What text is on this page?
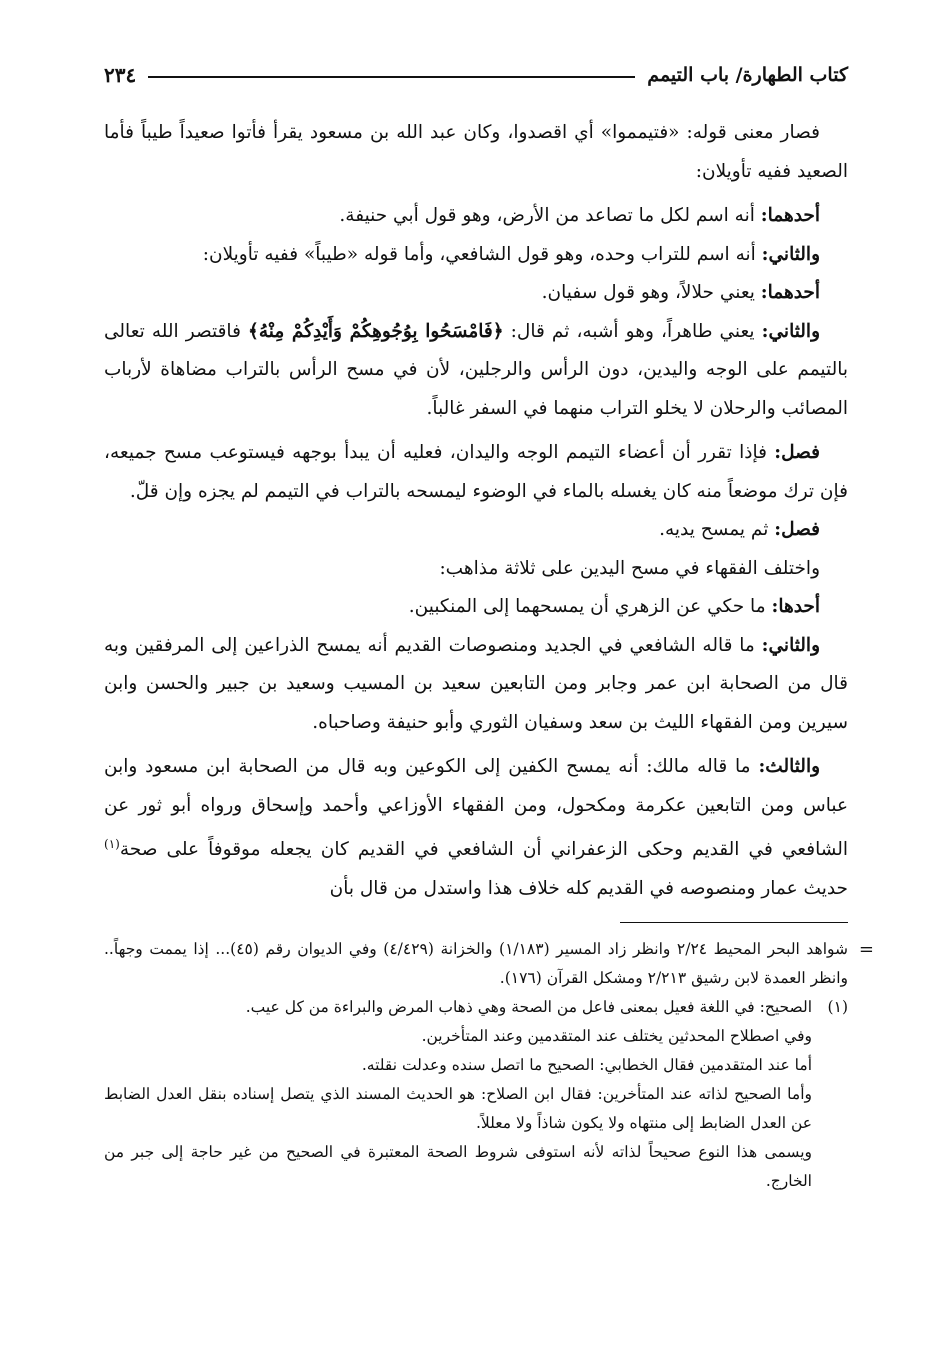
كتاب الطهارة/ باب التيمم
٢٣٤

فصار معنى قوله: «فتيمموا» أي اقصدوا، وكان عبد الله بن مسعود يقرأ فأتوا صعيداً طيباً فأما الصعيد ففيه تأويلان:

أحدهما: أنه اسم لكل ما تصاعد من الأرض، وهو قول أبي حنيفة.

والثاني: أنه اسم للتراب وحده، وهو قول الشافعي، وأما قوله «طيباً» ففيه تأويلان:

أحدهما: يعني حلالاً، وهو قول سفيان.

والثاني: يعني طاهراً، وهو أشبه، ثم قال: ﴿فَامْسَحُوا بِوُجُوهِكُمْ وَأَيْدِكُمْ مِنْهُ﴾ فاقتصر الله تعالى بالتيمم على الوجه واليدين، دون الرأس والرجلين، لأن في مسح الرأس بالتراب مضاهاة لأرباب المصائب والرحلان لا يخلو التراب منهما في السفر غالباً.

فصل: فإذا تقرر أن أعضاء التيمم الوجه واليدان، فعليه أن يبدأ بوجهه فيستوعب مسح جميعه، فإن ترك موضعاً منه كان يغسله بالماء في الوضوء ليمسحه بالتراب في التيمم لم يجزه وإن قلّ.

فصل: ثم يمسح يديه.

واختلف الفقهاء في مسح اليدين على ثلاثة مذاهب:

أحدها: ما حكي عن الزهري أن يمسحهما إلى المنكبين.

والثاني: ما قاله الشافعي في الجديد ومنصوصات القديم أنه يمسح الذراعين إلى المرفقين وبه قال من الصحابة ابن عمر وجابر ومن التابعين سعيد بن المسيب وسعيد بن جبير والحسن وابن سيرين ومن الفقهاء الليث بن سعد وسفيان الثوري وأبو حنيفة وصاحباه.

والثالث: ما قاله مالك: أنه يمسح الكفين إلى الكوعين وبه قال من الصحابة ابن مسعود وابن عباس ومن التابعين عكرمة ومكحول، ومن الفقهاء الأوزاعي وأحمد وإسحاق ورواه أبو ثور عن الشافعي في القديم وحكى الزعفراني أن الشافعي في القديم كان يجعله موقوفاً على صحة$^{(١)}$ حديث عمار ومنصوصه في القديم كله خلاف هذا واستدل من قال بأن

=
شواهد البحر المحيط ٢/٢٤ وانظر زاد المسير (١/١٨٣) والخزانة (٤/٤٢٩) وفي الديوان رقم (٤٥)... إذا يممت وجهاً.. وانظر العمدة لابن رشيق ٢/٢١٣ ومشكل القرآن (١٧٦).

(١)
الصحيح: في اللغة فعيل بمعنى فاعل من الصحة وهي ذهاب المرض والبراءة من كل عيب.

وفي اصطلاح المحدثين يختلف عند المتقدمين وعند المتأخرين.

أما عند المتقدمين فقال الخطابي: الصحيح ما اتصل سنده وعدلت نقلته.

وأما الصحيح لذاته عند المتأخرين: فقال ابن الصلاح: هو الحديث المسند الذي يتصل إسناده بنقل العدل الضابط عن العدل الضابط إلى منتهاه ولا يكون شاذاً ولا معللاً.

ويسمى هذا النوع صحيحاً لذاته لأنه استوفى شروط الصحة المعتبرة في الصحيح من غير حاجة إلى جبر من الخارج.
